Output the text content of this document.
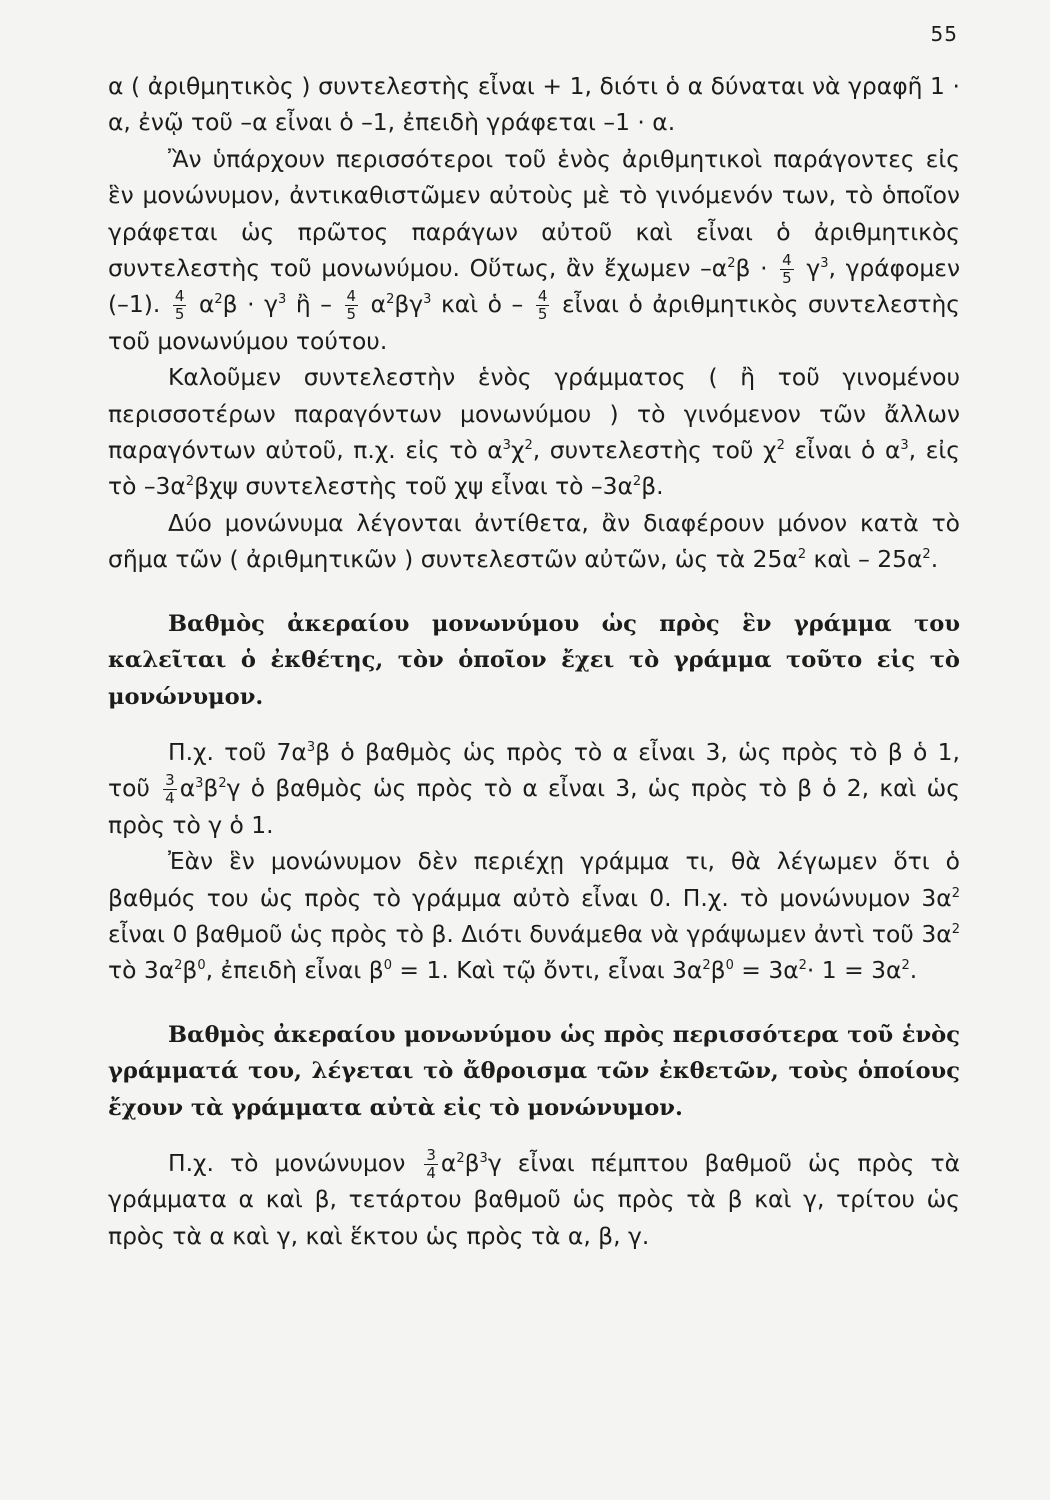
55

α ( ἀριθμητικὸς ) συντελεστὴς εἶναι + 1, διότι ὁ α δύναται νὰ γραφῆ 1 · α, ἐνῷ τοῦ –α εἶναι ὁ –1, ἐπειδὴ γράφεται –1 · α.

Ἂν ὑπάρχουν περισσότεροι τοῦ ἑνὸς ἀριθμητικοὶ παράγοντες εἰς ἓν μονώνυμον, ἀντικαθιστῶμεν αὐτοὺς μὲ τὸ γινόμενόν των, τὸ ὁποῖον γράφεται ὡς πρῶτος παράγων αὐτοῦ καὶ εἶναι ὁ ἀριθμητικὸς συντελεστὴς τοῦ μονωνύμου. Οὕτως, ἂν ἔχωμεν $-\alpha^2\beta \cdot \frac{4}{5} \gamma^3$, γράφομεν (–1). $\frac{4}{5} \alpha^2\beta \cdot \gamma^3$ ἢ – $\frac{4}{5} \alpha^2\beta\gamma^3$ καὶ ὁ – $\frac{4}{5}$ εἶναι ὁ ἀριθμητικὸς συντελεστὴς τοῦ μονωνύμου τούτου.

Καλοῦμεν συντελεστὴν ἑνὸς γράμματος ( ἢ τοῦ γινομένου περισσοτέρων παραγόντων μονωνύμου ) τὸ γινόμενον τῶν ἄλλων παραγόντων αὐτοῦ, π.χ. εἰς τὸ $\alpha^3\chi^2$, συντελεστὴς τοῦ $\chi^2$ εἶναι ὁ $\alpha^3$, εἰς τὸ $-3\alpha^2\beta\chi\psi$ συντελεστὴς τοῦ χψ εἶναι τὸ $-3\alpha^2\beta$.

Δύο μονώνυμα λέγονται ἀντίθετα, ἂν διαφέρουν μόνον κατὰ τὸ σῆμα τῶν ( ἀριθμητικῶν ) συντελεστῶν αὐτῶν, ὡς τὰ $25\alpha^2$ καὶ – $25\alpha^2$.

Βαθμὸς ἀκεραίου μονωνύμου ὡς πρὸς ἓν γράμμα του καλεῖται ὁ ἐκθέτης, τὸν ὁποῖον ἔχει τὸ γράμμα τοῦτο εἰς τὸ μονώνυμον.

Π.χ. τοῦ $7\alpha^3\beta$ ὁ βαθμὸς ὡς πρὸς τὸ α εἶναι 3, ὡς πρὸς τὸ β ὁ 1, τοῦ $\frac{3}{4} \alpha^3\beta^2\gamma$ ὁ βαθμὸς ὡς πρὸς τὸ α εἶναι 3, ὡς πρὸς τὸ β ὁ 2, καὶ ὡς πρὸς τὸ γ ὁ 1.

Ἐὰν ἓν μονώνυμον δὲν περιέχῃ γράμμα τι, θὰ λέγωμεν ὅτι ὁ βαθμός του ὡς πρὸς τὸ γράμμα αὐτὸ εἶναι 0. Π.χ. τὸ μονώνυμον $3\alpha^2$ εἶναι 0 βαθμοῦ ὡς πρὸς τὸ β. Διότι δυνάμεθα νὰ γράψωμεν ἀντὶ τοῦ $3\alpha^2$ τὸ $3\alpha^2\beta^0$, ἐπειδὴ εἶναι $\beta^0 = 1$. Καὶ τῷ ὄντι, εἶναι $3\alpha^2\beta^0 = 3\alpha^2\cdot 1 = 3\alpha^2$.

Βαθμὸς ἀκεραίου μονωνύμου ὡς πρὸς περισσότερα τοῦ ἑνὸς γράμματά του, λέγεται τὸ ἄθροισμα τῶν ἐκθετῶν, τοὺς ὁποίους ἔχουν τὰ γράμματα αὐτὰ εἰς τὸ μονώνυμον.

Π.χ. τὸ μονώνυμον $\frac{3}{4} \alpha^2\beta^3\gamma$ εἶναι πέμπτου βαθμοῦ ὡς πρὸς τὰ γράμματα α καὶ β, τετάρτου βαθμοῦ ὡς πρὸς τὰ β καὶ γ, τρίτου ὡς πρὸς τὰ α καὶ γ, καὶ ἕκτου ὡς πρὸς τὰ α, β, γ.
